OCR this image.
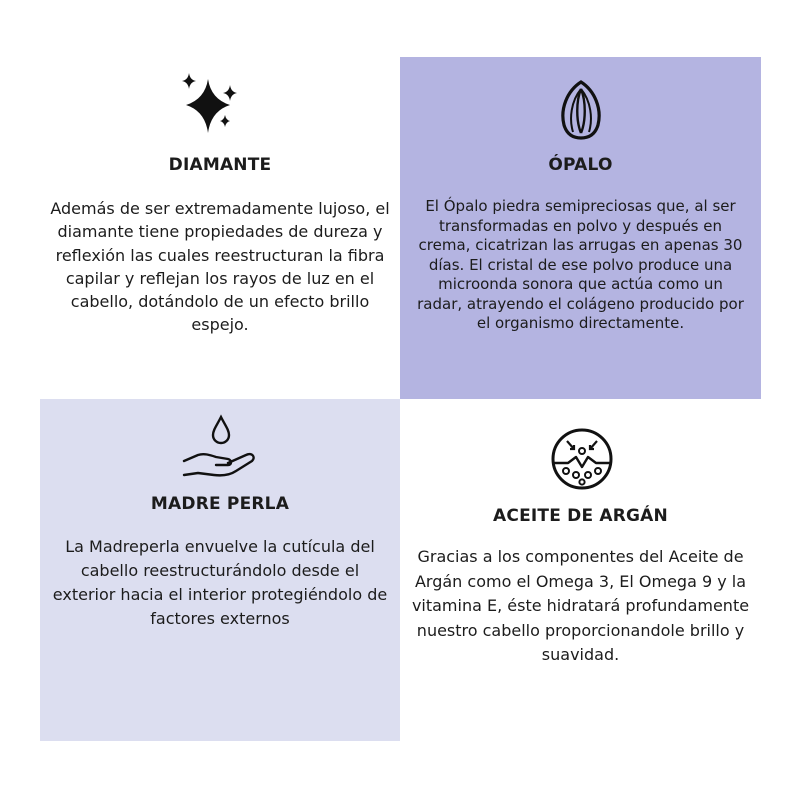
DIAMANTE

Además de ser extremadamente lujoso, el diamante tiene propiedades de dureza y reflexión las cuales reestructuran la fibra capilar y reflejan los rayos de luz en el cabello, dotándolo de un efecto brillo espejo.

ÓPALO

El Ópalo piedra semipreciosas que, al ser transformadas en polvo y después en crema, cicatrizan las arrugas en apenas 30 días. El cristal de ese polvo produce una microonda sonora que actúa como un radar, atrayendo el colágeno producido por el organismo directamente.

MADRE PERLA

La Madreperla envuelve la cutícula del cabello reestructurándolo desde el exterior hacia el interior protegiéndolo de factores externos

ACEITE DE ARGÁN

Gracias a los componentes del Aceite de Argán como el Omega 3, El Omega 9 y la vitamina E, éste hidratará profundamente nuestro cabello proporcionandole brillo y suavidad.
